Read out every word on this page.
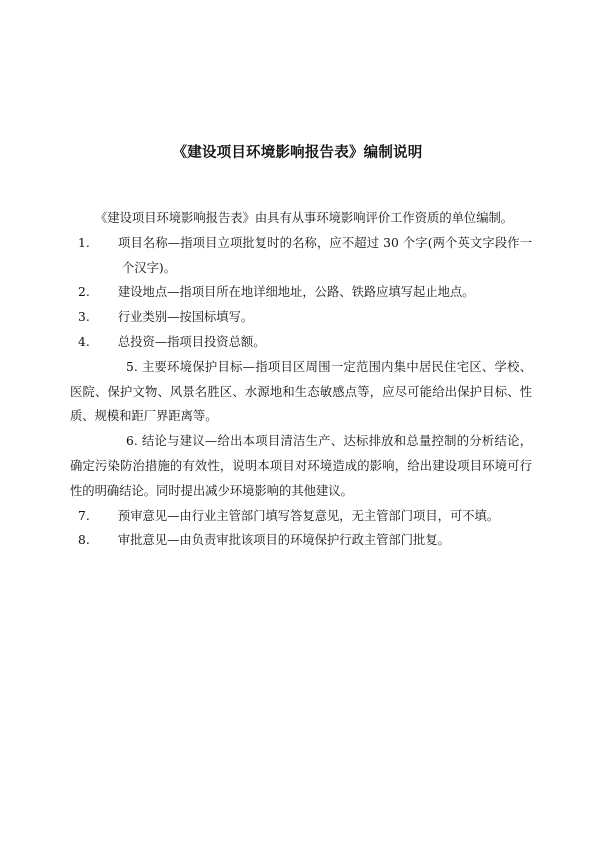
《建设项目环境影响报告表》编制说明

《建设项目环境影响报告表》由具有从事环境影响评价工作资质的单位编制。

1. 项目名称—指项目立项批复时的名称，应不超过 30 个字(两个英文字段作一个汉字)。

2. 建设地点—指项目所在地详细地址，公路、铁路应填写起止地点。

3. 行业类别—按国标填写。

4. 总投资—指项目投资总额。

5. 主要环境保护目标—指项目区周围一定范围内集中居民住宅区、学校、医院、保护文物、风景名胜区、水源地和生态敏感点等，应尽可能给出保护目标、性质、规模和距厂界距离等。

6. 结论与建议—给出本项目清洁生产、达标排放和总量控制的分析结论，确定污染防治措施的有效性，说明本项目对环境造成的影响，给出建设项目环境可行性的明确结论。同时提出减少环境影响的其他建议。

7. 预审意见—由行业主管部门填写答复意见，无主管部门项目，可不填。

8. 审批意见—由负责审批该项目的环境保护行政主管部门批复。
